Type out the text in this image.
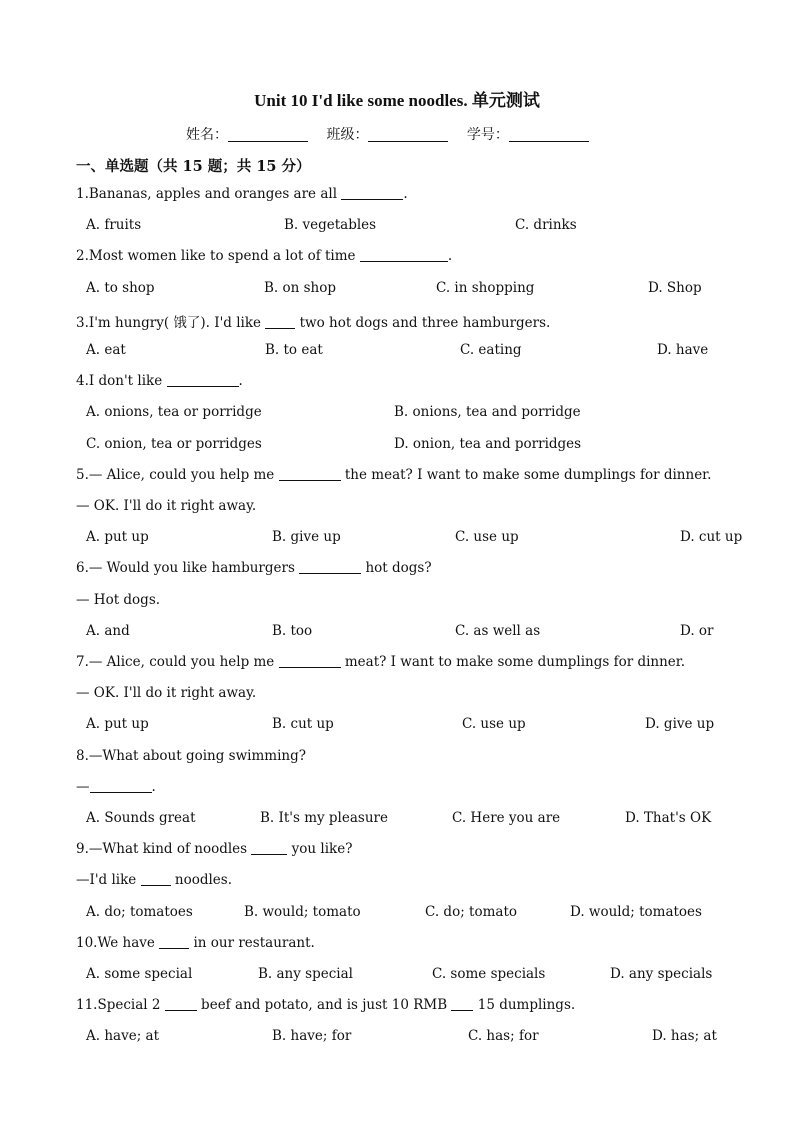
Unit 10 I'd like some noodles. 单元测试
姓名：	班级：	学号：
一、单选题（共 15 题；共 15 分）
1.Bananas, apples and oranges are all	.
A. fruits	B. vegetables	C. drinks
2.Most women like to spend a lot of time	.
A. to shop	B. on shop	C. in shopping	D. Shop
3.I'm hungry( 饿了). I'd like  two hot dogs and three hamburgers.
A. eat	B. to eat	C. eating	D. have
4.I don't like	.
A. onions, tea or porridge	B. onions, tea and porridge
C. onion, tea or porridges	D. onion, tea and porridges
5.— Alice, could you help me	the meat? I want to make some dumplings for dinner.
— OK. I'll do it right away.
A. put up	B. give up	C. use up	D. cut up
6.— Would you like hamburgers	hot dogs?
— Hot dogs.
A. and	B. too	C. as well as	D. or
7.— Alice, could you help me	meat? I want to make some dumplings for dinner.
— OK. I'll do it right away.
A. put up	B. cut up	C. use up	D. give up
8.—What about going swimming?
—	.
A. Sounds great	B. It's my pleasure	C. Here you are	D. That's OK
9.—What kind of noodles	you like?
—I'd like  noodles.
A. do; tomatoes	B. would; tomato	C. do; tomato	D. would; tomatoes
10.We have  in our restaurant.
A. some special	B. any special	C. some specials	D. any specials
11.Special 2  beef and potato, and is just 10 RMB  15 dumplings.
A. have; at	B. have; for	C. has; for	D. has; at
